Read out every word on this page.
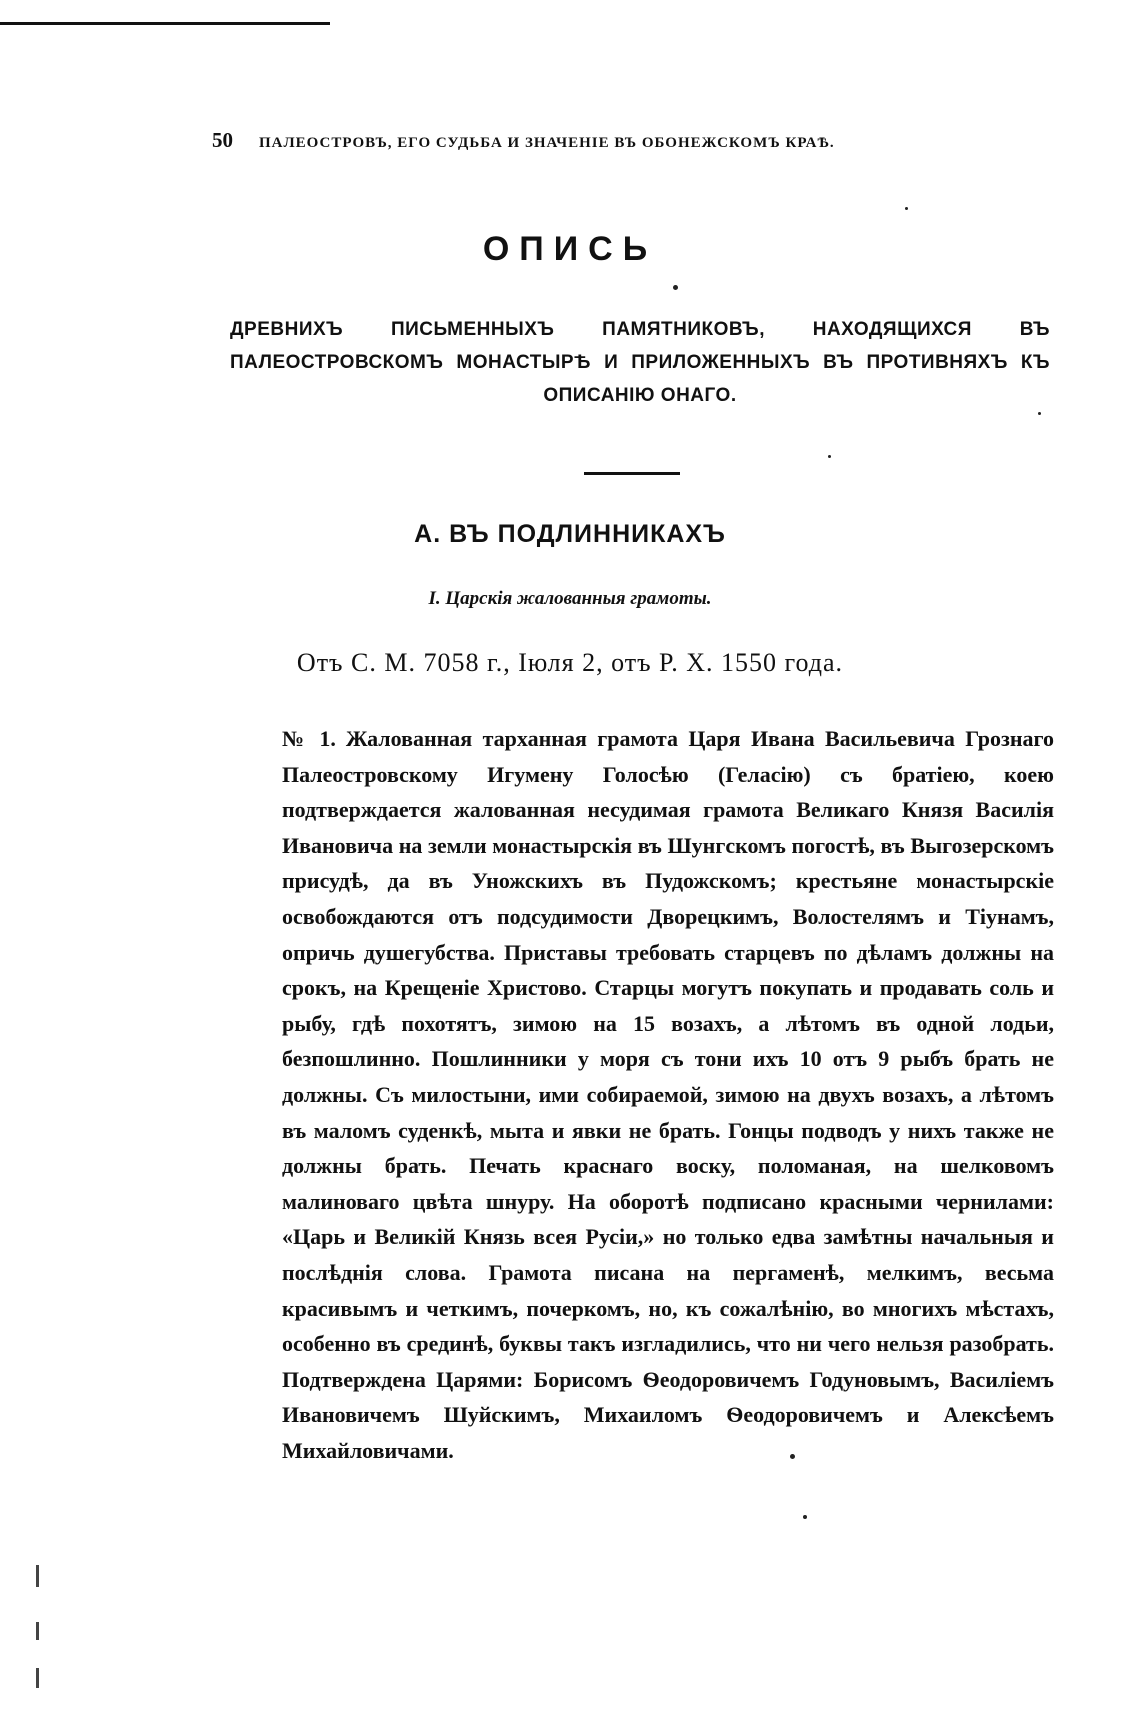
50 ПАЛЕОСТРОВЪ, ЕГО СУДЬБА И ЗНАЧЕНІЕ ВЪ ОБОНЕЖСКОМЪ КРАѢ.
ОПИСЬ
ДРЕВНИХЪ ПИСЬМЕННЫХЪ ПАМЯТНИКОВЪ, НАХОДЯЩИХСЯ ВЪ ПАЛЕОСТРОВСКОМЪ МОНАСТЫРѢ И ПРИЛОЖЕННЫХЪ ВЪ ПРОТИВНЯХЪ КЪ ОПИСАНІЮ ОНАГО.
А. ВЪ ПОДЛИННИКАХЪ
I. Царскія жалованныя грамоты.
Отъ С. М. 7058 г., Іюля 2, отъ Р. Х. 1550 года.
№ 1. Жалованная тарханная грамота Царя Ивана Васильевича Грознаго Палеостровскому Игумену Голосѣю (Геласію) съ братіею, коею подтверждается жалованная несудимая грамота Великаго Князя Василія Ивановича на земли монастырскія въ Шунгскомъ погостѣ, въ Выгозерскомъ присудѣ, да въ Уножскихъ въ Пудожскомъ; крестьяне монастырскіе освобождаются отъ подсудимости Дворецкимъ, Волостелямъ и Тіунамъ, опричь душегубства. Приставы требовать старцевъ по дѣламъ должны на срокъ, на Крещеніе Христово. Старцы могутъ покупать и продавать соль и рыбу, гдѣ похотятъ, зимою на 15 возахъ, а лѣтомъ въ одной лодьи, безпошлинно. Пошлинники у моря съ тони ихъ 10 отъ 9 рыбъ брать не должны. Съ милостыни, ими собираемой, зимою на двухъ возахъ, а лѣтомъ въ маломъ суденкѣ, мыта и явки не брать. Гонцы подводъ у нихъ также не должны брать. Печать краснаго воску, поломаная, на шелковомъ малиноваго цвѣта шнуру. На оборотѣ подписано красными чернилами: «Царь и Великій Князь всея Русіи,» но только едва замѣтны начальныя и послѣднія слова. Грамота писана на пергаменѣ, мелкимъ, весьма красивымъ и четкимъ, почеркомъ, но, къ сожалѣнію, во многихъ мѣстахъ, особенно въ срединѣ, буквы такъ изгладились, что ни чего нельзя разобрать. Подтверждена Царями: Борисомъ Ѳеодоровичемъ Годуновымъ, Василіемъ Ивановичемъ Шуйскимъ, Михаиломъ Ѳеодоровичемъ и Алексѣемъ Михайловичами.
